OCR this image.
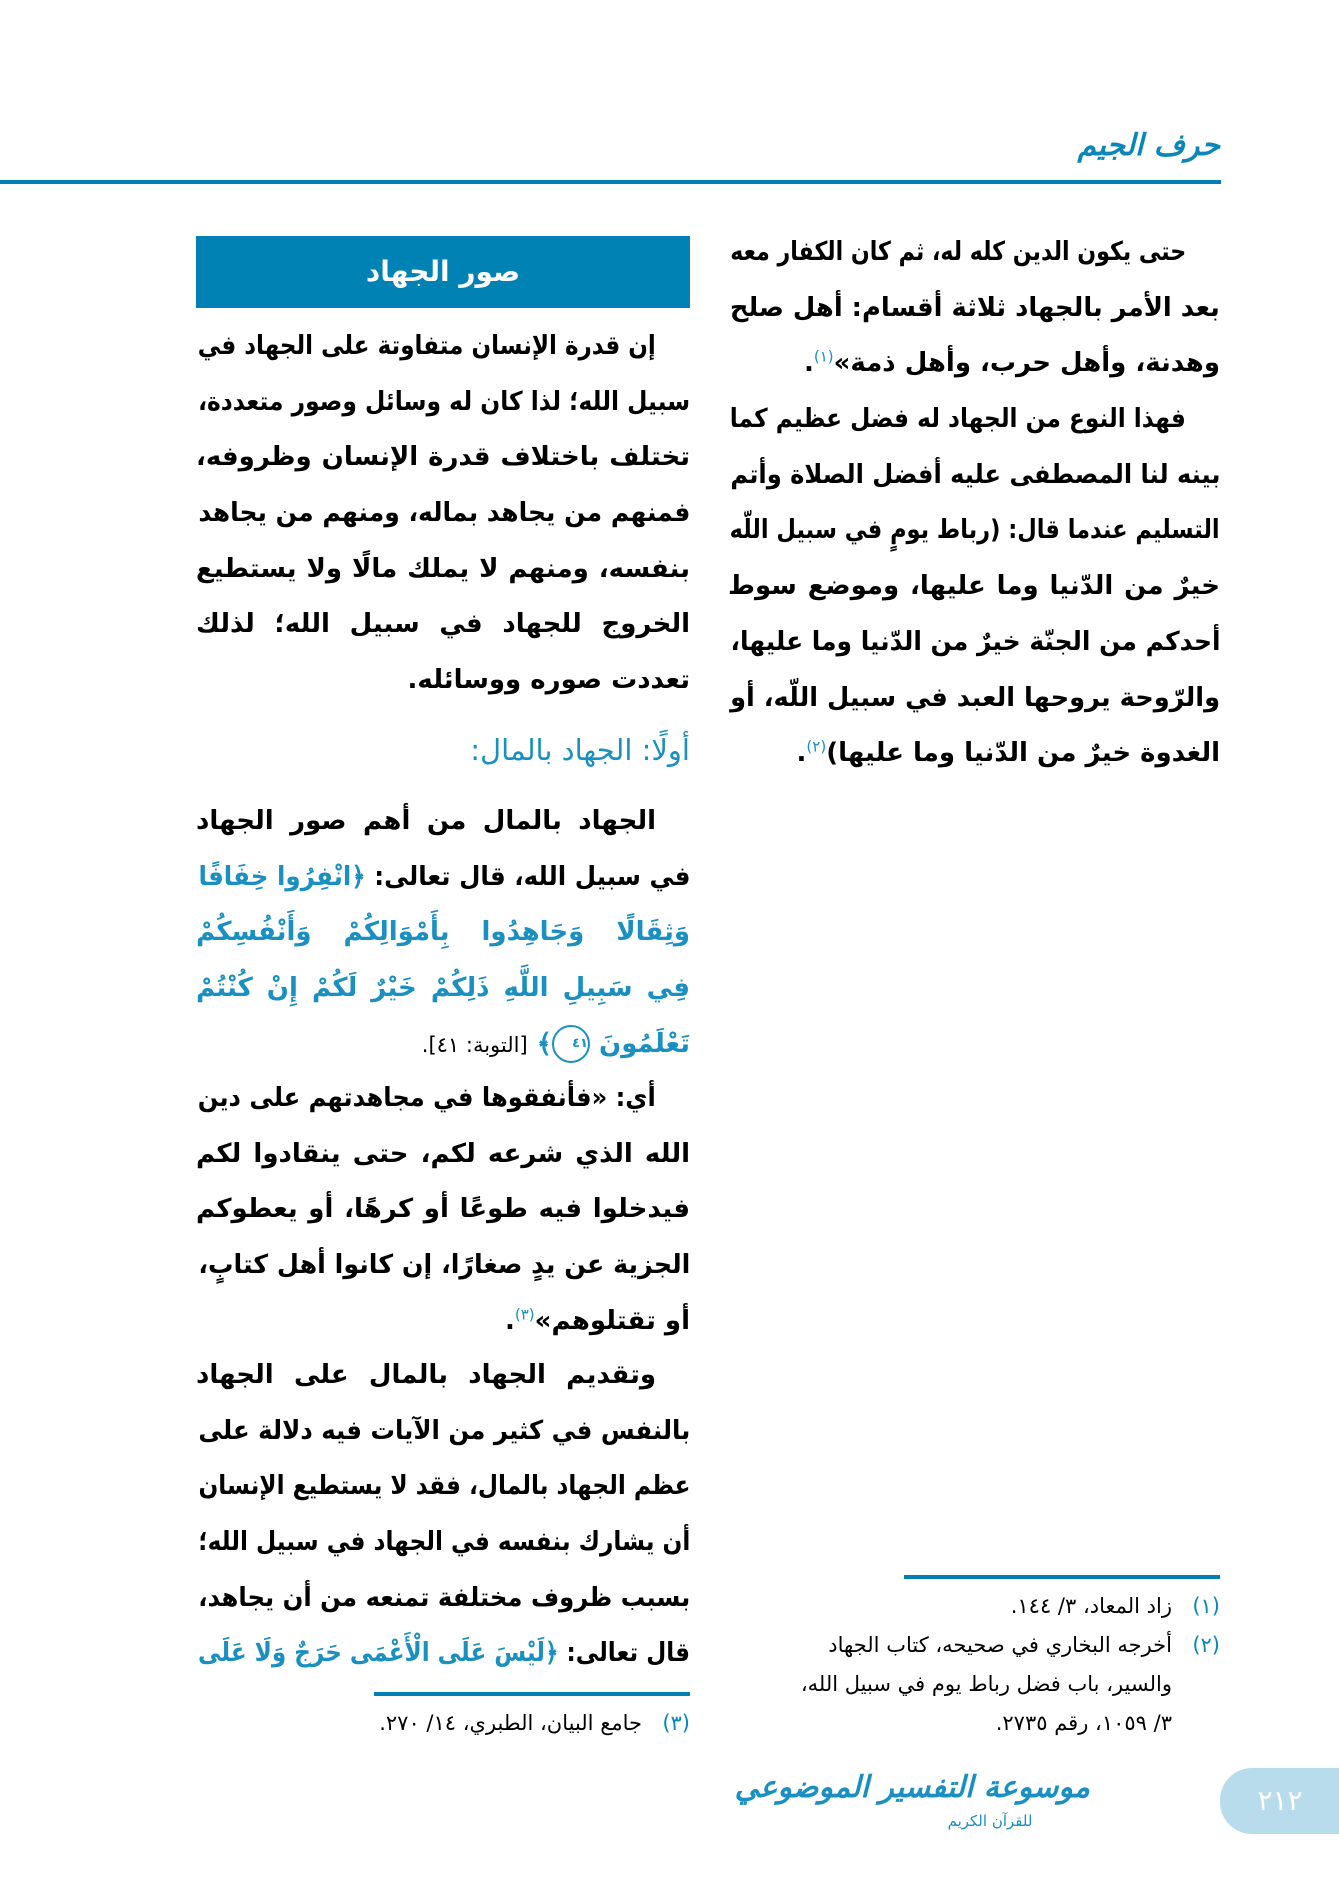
حرف الجيم
حتى يكون الدين كله له، ثم كان الكفار معه
بعد الأمر بالجهاد ثلاثة أقسام: أهل صلح
وهدنة، وأهل حرب، وأهل ذمة»$^{(١)}$.
فهذا النوع من الجهاد له فضل عظيم كما
بينه لنا المصطفى عليه أفضل الصلاة وأتم
التسليم عندما قال: (رباط يومٍ في سبيل اللّه
خيرٌ من الدّنيا وما عليها، وموضع سوط
أحدكم من الجنّة خيرٌ من الدّنيا وما عليها،
والرّوحة يروحها العبد في سبيل اللّه، أو
الغدوة خيرٌ من الدّنيا وما عليها)$^{(٢)}$.
صور الجهاد
إن قدرة الإنسان متفاوتة على الجهاد في
سبيل الله؛ لذا كان له وسائل وصور متعددة،
تختلف باختلاف قدرة الإنسان وظروفه،
فمنهم من يجاهد بماله، ومنهم من يجاهد
بنفسه، ومنهم لا يملك مالًا ولا يستطيع
الخروج للجهاد في سبيل الله؛ لذلك
تعددت صوره ووسائله.
أولًا: الجهاد بالمال:
الجهاد بالمال من أهم صور الجهاد
في سبيل الله، قال تعالى: ﴿انْفِرُوا خِفَافًا
وَثِقَالًا وَجَاهِدُوا بِأَمْوَالِكُمْ وَأَنْفُسِكُمْ
فِي سَبِيلِ اللَّهِ ذَلِكُمْ خَيْرٌ لَكُمْ إِنْ كُنْتُمْ
تَعْلَمُونَ ٤١﴾ [التوبة: ٤١].
أي: «فأنفقوها في مجاهدتهم على دين
الله الذي شرعه لكم، حتى ينقادوا لكم
فيدخلوا فيه طوعًا أو كرهًا، أو يعطوكم
الجزية عن يدٍ صغارًا، إن كانوا أهل كتابٍ،
أو تقتلوهم»$^{(٣)}$.
وتقديم الجهاد بالمال على الجهاد
بالنفس في كثير من الآيات فيه دلالة على
عظم الجهاد بالمال، فقد لا يستطيع الإنسان
أن يشارك بنفسه في الجهاد في سبيل الله؛
بسبب ظروف مختلفة تمنعه من أن يجاهد،
قال تعالى: ﴿لَيْسَ عَلَى الْأَعْمَى حَرَجٌ وَلَا عَلَى
(٣)
جامع البيان، الطبري، ١٤/ ٢٧٠.
(١)
زاد المعاد، ٣/ ١٤٤.
(٢)
أخرجه البخاري في صحيحه، كتاب الجهاد
والسير، باب فضل رباط يوم في سبيل الله،
٣/ ١٠٥٩، رقم ٢٧٣٥.
موسوعة التفسير الموضوعي
للقرآن الكريم
٢١٢
